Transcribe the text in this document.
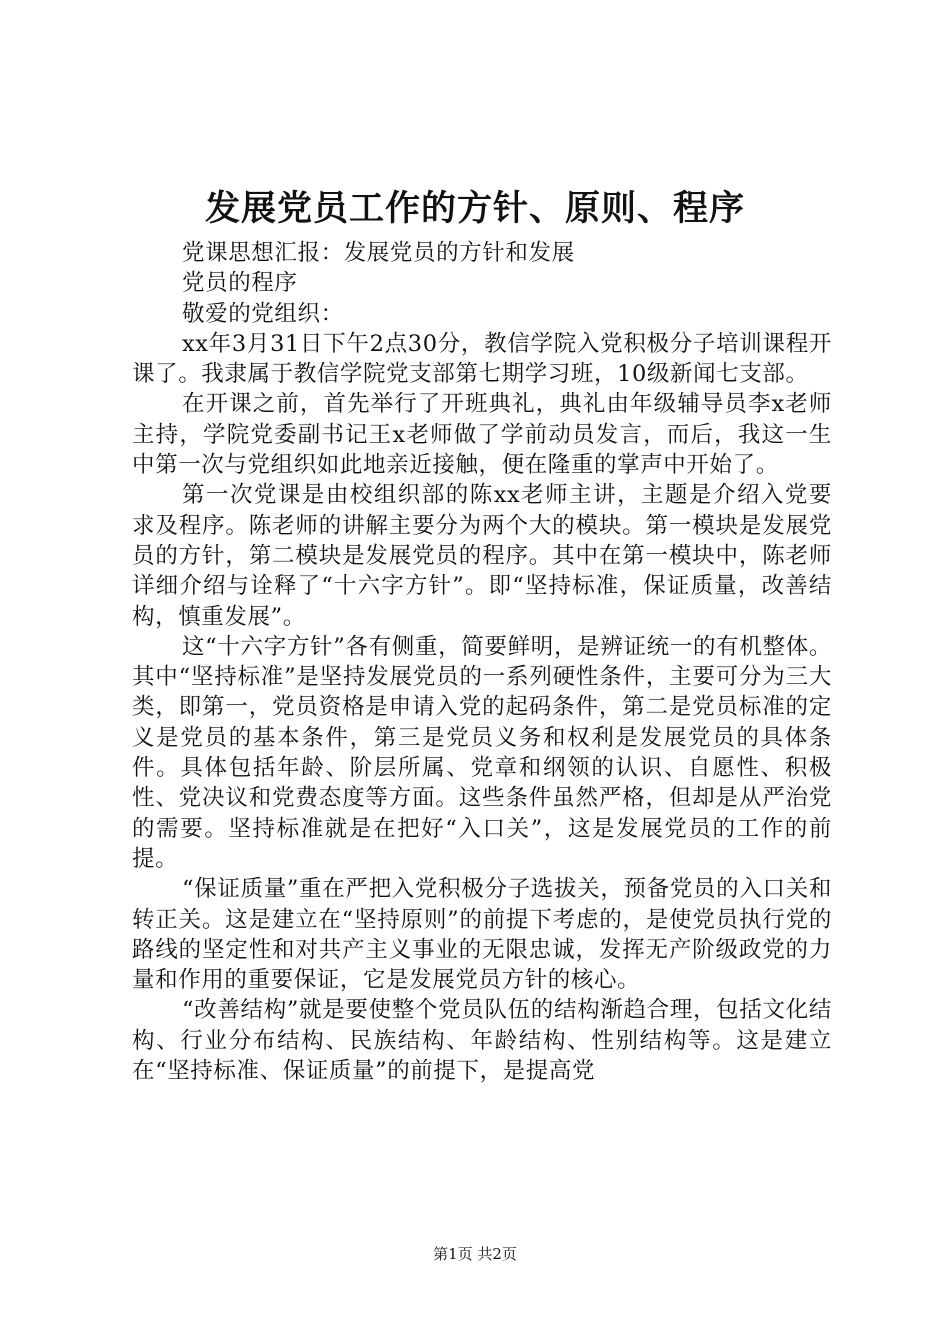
发展党员工作的方针、原则、程序

党课思想汇报：发展党员的方针和发展

党员的程序

敬爱的党组织：

xx年3月31日下午2点30分，教信学院入党积极分子培训课程开课了。我隶属于教信学院党支部第七期学习班，10级新闻七支部。

在开课之前，首先举行了开班典礼，典礼由年级辅导员李x老师主持，学院党委副书记王x老师做了学前动员发言，而后，我这一生中第一次与党组织如此地亲近接触，便在隆重的掌声中开始了。

第一次党课是由校组织部的陈xx老师主讲，主题是介绍入党要求及程序。陈老师的讲解主要分为两个大的模块。第一模块是发展党员的方针，第二模块是发展党员的程序。其中在第一模块中，陈老师详细介绍与诠释了“十六字方针”。即“坚持标准，保证质量，改善结构，慎重发展”。

这“十六字方针”各有侧重，简要鲜明，是辨证统一的有机整体。其中“坚持标准”是坚持发展党员的一系列硬性条件，主要可分为三大类，即第一，党员资格是申请入党的起码条件，第二是党员标准的定义是党员的基本条件，第三是党员义务和权利是发展党员的具体条件。具体包括年龄、阶层所属、党章和纲领的认识、自愿性、积极性、党决议和党费态度等方面。这些条件虽然严格，但却是从严治党的需要。坚持标准就是在把好“入口关”，这是发展党员的工作的前提。

“保证质量”重在严把入党积极分子选拔关，预备党员的入口关和转正关。这是建立在“坚持原则”的前提下考虑的，是使党员执行党的路线的坚定性和对共产主义事业的无限忠诚，发挥无产阶级政党的力量和作用的重要保证，它是发展党员方针的核心。

“改善结构”就是要使整个党员队伍的结构渐趋合理，包括文化结构、行业分布结构、民族结构、年龄结构、性别结构等。这是建立在“坚持标准、保证质量”的前提下，是提高党

第1页 共2页
